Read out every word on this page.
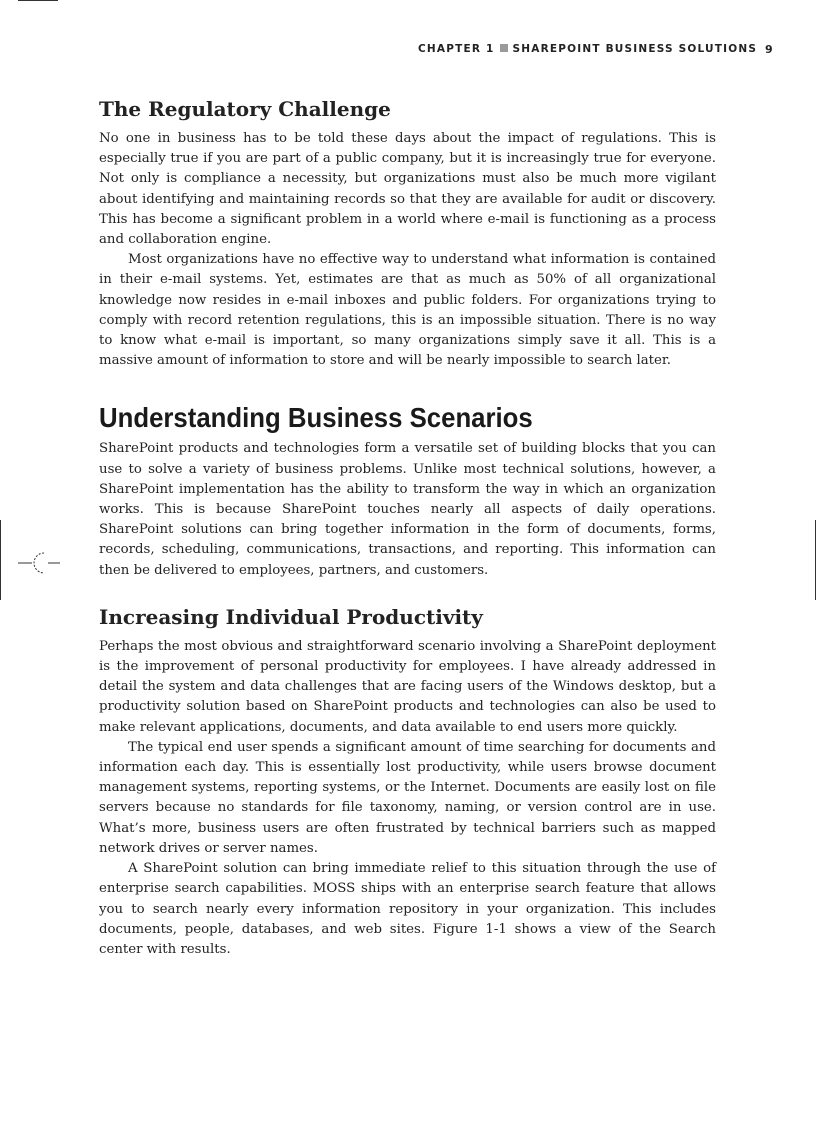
CHAPTER 1 SHAREPOINT BUSINESS SOLUTIONS 9
The Regulatory Challenge

No one in business has to be told these days about the impact of regulations. This is especially true if you are part of a public company, but it is increasingly true for everyone. Not only is compliance a necessity, but organizations must also be much more vigilant about identifying and maintaining records so that they are available for audit or discovery. This has become a significant problem in a world where e-mail is functioning as a process and collaboration engine.

Most organizations have no effective way to understand what information is contained in their e-mail systems. Yet, estimates are that as much as 50% of all organizational knowledge now resides in e-mail inboxes and public folders. For organizations trying to comply with record retention regulations, this is an impossible situation. There is no way to know what e-mail is important, so many organizations simply save it all. This is a massive amount of information to store and will be nearly impossible to search later.

Understanding Business Scenarios

SharePoint products and technologies form a versatile set of building blocks that you can use to solve a variety of business problems. Unlike most technical solutions, however, a SharePoint implementation has the ability to transform the way in which an organization works. This is because SharePoint touches nearly all aspects of daily operations. SharePoint solutions can bring together information in the form of documents, forms, records, scheduling, communications, transactions, and reporting. This information can then be delivered to employees, partners, and customers.

Increasing Individual Productivity

Perhaps the most obvious and straightforward scenario involving a SharePoint deployment is the improvement of personal productivity for employees. I have already addressed in detail the system and data challenges that are facing users of the Windows desktop, but a productivity solution based on SharePoint products and technologies can also be used to make relevant applications, documents, and data available to end users more quickly.

The typical end user spends a significant amount of time searching for documents and information each day. This is essentially lost productivity, while users browse document management systems, reporting systems, or the Internet. Documents are easily lost on file servers because no standards for file taxonomy, naming, or version control are in use. What’s more, business users are often frustrated by technical barriers such as mapped network drives or server names.

A SharePoint solution can bring immediate relief to this situation through the use of enterprise search capabilities. MOSS ships with an enterprise search feature that allows you to search nearly every information repository in your organization. This includes documents, people, databases, and web sites. Figure 1-1 shows a view of the Search center with results.
